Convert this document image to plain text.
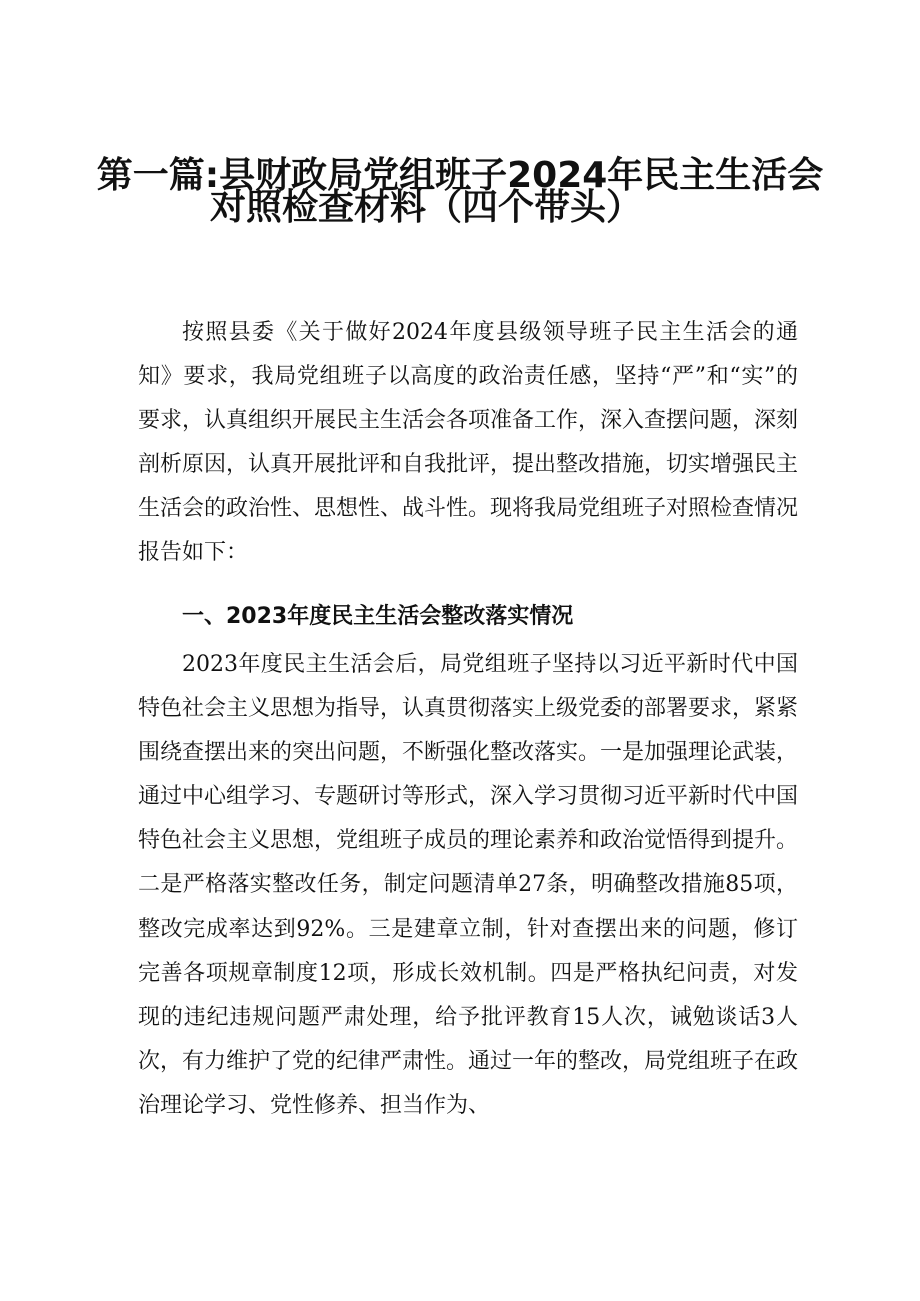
第一篇:县财政局党组班子2024年民主生活会
对照检查材料（四个带头）

按照县委《关于做好2024年度县级领导班子民主生活会的通知》要求，我局党组班子以高度的政治责任感，坚持“严”和“实”的要求，认真组织开展民主生活会各项准备工作，深入查摆问题，深刻剖析原因，认真开展批评和自我批评，提出整改措施，切实增强民主生活会的政治性、思想性、战斗性。现将我局党组班子对照检查情况报告如下：

一、2023年度民主生活会整改落实情况

2023年度民主生活会后，局党组班子坚持以习近平新时代中国特色社会主义思想为指导，认真贯彻落实上级党委的部署要求，紧紧围绕查摆出来的突出问题，不断强化整改落实。一是加强理论武装，通过中心组学习、专题研讨等形式，深入学习贯彻习近平新时代中国特色社会主义思想，党组班子成员的理论素养和政治觉悟得到提升。二是严格落实整改任务，制定问题清单27条，明确整改措施85项，整改完成率达到92%。三是建章立制，针对查摆出来的问题，修订完善各项规章制度12项，形成长效机制。四是严格执纪问责，对发现的违纪违规问题严肃处理，给予批评教育15人次，诫勉谈话3人次，有力维护了党的纪律严肃性。通过一年的整改，局党组班子在政治理论学习、党性修养、担当作为、
